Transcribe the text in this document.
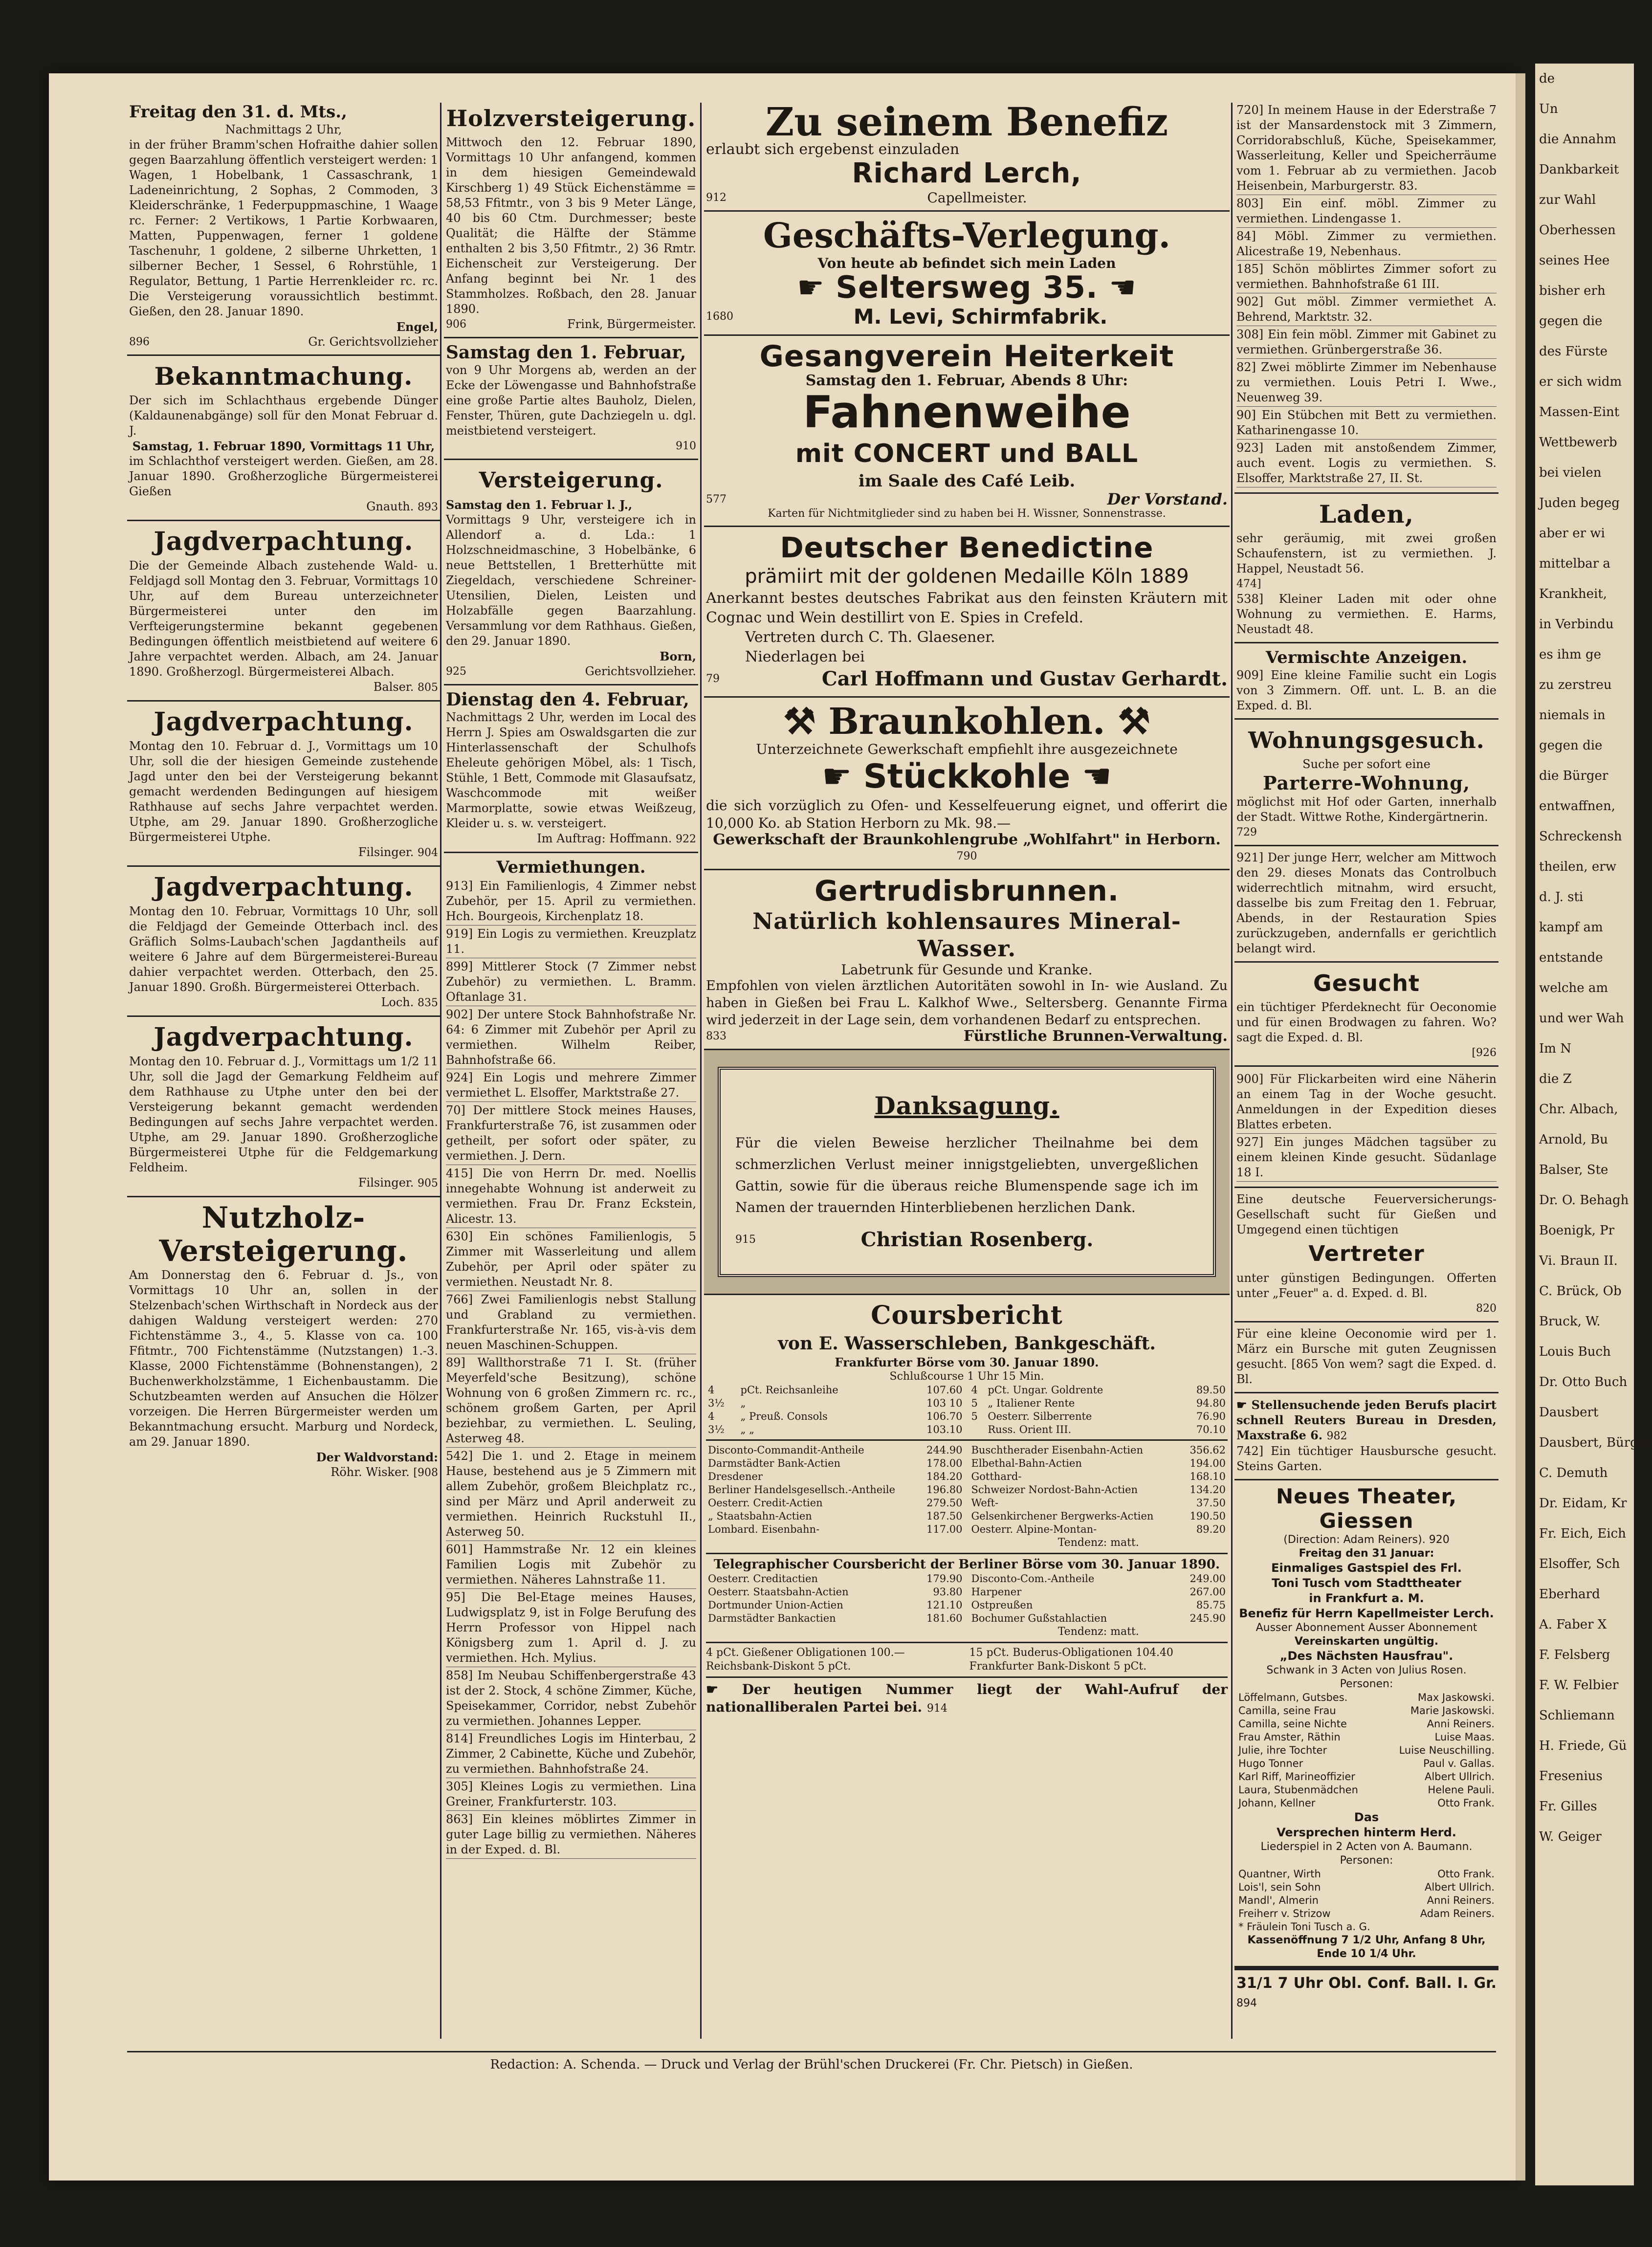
de
Un
die Annahm
Dankbarkeit
zur Wahl
Oberhessen
seines Hee
bisher erh
gegen die
des Fürste
er sich widm
Massen-Eint
Wettbewerb
bei vielen
Juden begeg
aber er wi
mittelbar a
Krankheit,
in Verbindu
es ihm ge
zu zerstreu
niemals in
gegen die
die Bürger
entwaffnen,
Schreckensh
theilen, erw
d. J. sti
kampf am
entstande
welche am
und wer Wah
Im N
die Z
Chr. Albach,
Arnold, Bu
Balser, Ste
Dr. O. Behagh
Boenigk, Pr
Vi. Braun II.
C. Brück, Ob
Bruck, W.
Louis Buch
Dr. Otto Buch
Dausbert
Dausbert, Bürger
C. Demuth
Dr. Eidam, Kr
Fr. Eich, Eich
Elsoffer, Sch
Eberhard
A. Faber X
F. Felsberg
F. W. Felbier
Schliemann
H. Friede, Gü
Fresenius
Fr. Gilles
W. Geiger
Freitag den 31. d. Mts.,

Nachmittags 2 Uhr,

in der früher Bramm'schen Hofraithe dahier sollen gegen Baarzahlung öffentlich versteigert werden: 1 Wagen, 1 Hobelbank, 1 Cassaschrank, 1 Ladeneinrichtung, 2 Sophas, 2 Commoden, 3 Kleiderschränke, 1 Federpuppmaschine, 1 Waage rc. Ferner: 2 Vertikows, 1 Partie Korbwaaren, Matten, Puppenwagen, ferner 1 goldene Taschenuhr, 1 goldene, 2 silberne Uhrketten, 1 silberner Becher, 1 Sessel, 6 Rohrstühle, 1 Regulator, Bettung, 1 Partie Herrenkleider rc. rc. Die Versteigerung voraussichtlich bestimmt. Gießen, den 28. Januar 1890.

Engel,

896	Gr. Gerichtsvollzieher

Bekanntmachung.

Der sich im Schlachthaus ergebende Dünger (Kaldaunenabgänge) soll für den Monat Februar d. J.

Samstag, 1. Februar 1890, Vormittags 11 Uhr,

im Schlachthof versteigert werden. Gießen, am 28. Januar 1890. Großherzogliche Bürgermeisterei Gießen

Gnauth. 893

Jagdverpachtung.

Die der Gemeinde Albach zustehende Wald- u. Feldjagd soll Montag den 3. Februar, Vormittags 10 Uhr, auf dem Bureau unterzeichneter Bürgermeisterei unter den im Verfteigerungstermine bekannt gegebenen Bedingungen öffentlich meistbietend auf weitere 6 Jahre verpachtet werden. Albach, am 24. Januar 1890. Großherzogl. Bürgermeisterei Albach.

Balser. 805

Jagdverpachtung.

Montag den 10. Februar d. J., Vormittags um 10 Uhr, soll die der hiesigen Gemeinde zustehende Jagd unter den bei der Versteigerung bekannt gemacht werdenden Bedingungen auf hiesigem Rathhause auf sechs Jahre verpachtet werden. Utphe, am 29. Januar 1890. Großherzogliche Bürgermeisterei Utphe.

Filsinger. 904

Jagdverpachtung.

Montag den 10. Februar, Vormittags 10 Uhr, soll die Feldjagd der Gemeinde Otterbach incl. des Gräflich Solms-Laubach'schen Jagdantheils auf weitere 6 Jahre auf dem Bürgermeisterei-Bureau dahier verpachtet werden. Otterbach, den 25. Januar 1890. Großh. Bürgermeisterei Otterbach.

Loch. 835

Jagdverpachtung.

Montag den 10. Februar d. J., Vormittags um 1/2 11 Uhr, soll die Jagd der Gemarkung Feldheim auf dem Rathhause zu Utphe unter den bei der Versteigerung bekannt gemacht werdenden Bedingungen auf sechs Jahre verpachtet werden. Utphe, am 29. Januar 1890. Großherzogliche Bürgermeisterei Utphe für die Feldgemarkung Feldheim.

Filsinger. 905

Nutzholz-
Versteigerung.

Am Donnerstag den 6. Februar d. Js., von Vormittags 10 Uhr an, sollen in der Stelzenbach'schen Wirthschaft in Nordeck aus der dahigen Waldung versteigert werden: 270 Fichtenstämme 3., 4., 5. Klasse von ca. 100 Ffitmtr., 700 Fichtenstämme (Nutzstangen) 1.-3. Klasse, 2000 Fichtenstämme (Bohnenstangen), 2 Buchenwerkholzstämme, 1 Eichenbaustamm. Die Schutzbeamten werden auf Ansuchen die Hölzer vorzeigen. Die Herren Bürgermeister werden um Bekanntmachung ersucht. Marburg und Nordeck, am 29. Januar 1890.

Der Waldvorstand:

Röhr. Wisker. [908

Holzversteigerung.

Mittwoch den 12. Februar 1890, Vormittags 10 Uhr anfangend, kommen in dem hiesigen Gemeindewald Kirschberg 1) 49 Stück Eichenstämme = 58,53 Ffitmtr., von 3 bis 9 Meter Länge, 40 bis 60 Ctm. Durchmesser; beste Qualität; die Hälfte der Stämme enthalten 2 bis 3,50 Ffitmtr., 2) 36 Rmtr. Eichenscheit zur Versteigerung. Der Anfang beginnt bei Nr. 1 des Stammholzes. Roßbach, den 28. Januar 1890.

906	Frink, Bürgermeister.

Samstag den 1. Februar,

von 9 Uhr Morgens ab, werden an der Ecke der Löwengasse und Bahnhofstraße eine große Partie altes Bauholz, Dielen, Fenster, Thüren, gute Dachziegeln u. dgl. meistbietend versteigert.

910

Versteigerung.

Samstag den 1. Februar l. J.,

Vormittags 9 Uhr, versteigere ich in Allendorf a. d. Lda.: 1 Holzschneidmaschine, 3 Hobelbänke, 6 neue Bettstellen, 1 Bretterhütte mit Ziegeldach, verschiedene Schreiner-Utensilien, Dielen, Leisten und Holzabfälle gegen Baarzahlung. Versammlung vor dem Rathhaus. Gießen, den 29. Januar 1890.

Born,

925	Gerichtsvollzieher.

Dienstag den 4. Februar,

Nachmittags 2 Uhr, werden im Local des Herrn J. Spies am Oswaldsgarten die zur Hinterlassenschaft der Schulhofs Eheleute gehörigen Möbel, als: 1 Tisch, Stühle, 1 Bett, Commode mit Glasaufsatz, Waschcommode mit weißer Marmorplatte, sowie etwas Weißzeug, Kleider u. s. w. versteigert.

Im Auftrag: Hoffmann. 922

Vermiethungen.

913] Ein Familienlogis, 4 Zimmer nebst Zubehör, per 15. April zu vermiethen. Hch. Bourgeois, Kirchenplatz 18.

919] Ein Logis zu vermiethen. Kreuzplatz 11.

899] Mittlerer Stock (7 Zimmer nebst Zubehör) zu vermiethen. L. Bramm. Oftanlage 31.

902] Der untere Stock Bahnhofstraße Nr. 64: 6 Zimmer mit Zubehör per April zu vermiethen. Wilhelm Reiber, Bahnhofstraße 66.

924] Ein Logis und mehrere Zimmer vermiethet L. Elsoffer, Marktstraße 27.

70] Der mittlere Stock meines Hauses, Frankfurterstraße 76, ist zusammen oder getheilt, per sofort oder später, zu vermiethen. J. Dern.

415] Die von Herrn Dr. med. Noellis innegehabte Wohnung ist anderweit zu vermiethen. Frau Dr. Franz Eckstein, Alicestr. 13.

630] Ein schönes Familienlogis, 5 Zimmer mit Wasserleitung und allem Zubehör, per April oder später zu vermiethen. Neustadt Nr. 8.

766] Zwei Familienlogis nebst Stallung und Grabland zu vermiethen. Frankfurterstraße Nr. 165, vis-à-vis dem neuen Maschinen-Schuppen.

89] Wallthorstraße 71 I. St. (früher Meyerfeld'sche Besitzung), schöne Wohnung von 6 großen Zimmern rc. rc., schönem großem Garten, per April beziehbar, zu vermiethen. L. Seuling, Asterweg 48.

542] Die 1. und 2. Etage in meinem Hause, bestehend aus je 5 Zimmern mit allem Zubehör, großem Bleichplatz rc., sind per März und April anderweit zu vermiethen. Heinrich Ruckstuhl II., Asterweg 50.

601] Hammstraße Nr. 12 ein kleines Familien Logis mit Zubehör zu vermiethen. Näheres Lahnstraße 11.

95] Die Bel-Etage meines Hauses, Ludwigsplatz 9, ist in Folge Berufung des Herrn Professor von Hippel nach Königsberg zum 1. April d. J. zu vermiethen. Hch. Mylius.

858] Im Neubau Schiffenbergerstraße 43 ist der 2. Stock, 4 schöne Zimmer, Küche, Speisekammer, Corridor, nebst Zubehör zu vermiethen. Johannes Lepper.

814] Freundliches Logis im Hinterbau, 2 Zimmer, 2 Cabinette, Küche und Zubehör, zu vermiethen. Bahnhofstraße 24.

305] Kleines Logis zu vermiethen. Lina Greiner, Frankfurterstr. 103.

863] Ein kleines möblirtes Zimmer in guter Lage billig zu vermiethen. Näheres in der Exped. d. Bl.

Zu seinem Benefiz

erlaubt sich ergebenst einzuladen

Richard Lerch,

912	Capellmeister.

Geschäfts-Verlegung.

Von heute ab befindet sich mein Laden

☛ Seltersweg 35. ☚

1680	M. Levi, Schirmfabrik.

Gesangverein Heiterkeit

Samstag den 1. Februar, Abends 8 Uhr:

Fahnenweihe
mit CONCERT und BALL

im Saale des Café Leib.

577	Der Vorstand.

Karten für Nichtmitglieder sind zu haben bei H. Wissner, Sonnenstrasse.

Deutscher Benedictine
prämiirt mit der goldenen Medaille Köln 1889

Anerkannt bestes deutsches Fabrikat aus den feinsten Kräutern mit Cognac und Wein destillirt von E. Spies in Crefeld.

Vertreten durch C. Th. Glaesener.

Niederlagen bei

79	Carl Hoffmann und Gustav Gerhardt.

⚒ Braunkohlen. ⚒

Unterzeichnete Gewerkschaft empfiehlt ihre ausgezeichnete

☛ Stückkohle ☚

die sich vorzüglich zu Ofen- und Kesselfeuerung eignet, und offerirt die 10,000 Ko. ab Station Herborn zu Mk. 98.—

Gewerkschaft der Braunkohlengrube „Wohlfahrt" in Herborn. 790

Gertrudisbrunnen.
Natürlich kohlensaures Mineral-Wasser.

Labetrunk für Gesunde und Kranke.

Empfohlen von vielen ärztlichen Autoritäten sowohl in In- wie Ausland. Zu haben in Gießen bei Frau L. Kalkhof Wwe., Seltersberg. Genannte Firma wird jederzeit in der Lage sein, dem vorhandenen Bedarf zu entsprechen.

833	Fürstliche Brunnen-Verwaltung.

Danksagung.

Für die vielen Beweise herzlicher Theilnahme bei dem schmerzlichen Verlust meiner innigstgeliebten, unvergeßlichen Gattin, sowie für die überaus reiche Blumenspende sage ich im Namen der trauernden Hinterbliebenen herzlichen Dank.

915	Christian Rosenberg.

Coursbericht
von E. Wasserschleben, Bankgeschäft.

Frankfurter Börse vom 30. Januar 1890.

Schlußcourse 1 Uhr 15 Min.

4	pCt. Reichsanleihe	107.60
3½	„	103 10
4	„ Preuß. Consols	106.70
3½	„ „	103.10
4	pCt. Ungar. Goldrente	89.50
5	„ Italiener Rente	94.80
5	Oesterr. Silberrente	76.90
	Russ. Orient III.	70.10
Disconto-Commandit-Antheile	244.90
Darmstädter Bank-Actien	178.00
Dresdener	184.20
Berliner Handelsgesellsch.-Antheile	196.80
Oesterr. Credit-Actien	279.50
„ Staatsbahn-Actien	187.50
Lombard. Eisenbahn-	117.00
Buschtherader Eisenbahn-Actien	356.62
Elbethal-Bahn-Actien	194.00
Gotthard-	168.10
Schweizer Nordost-Bahn-Actien	134.20
Weft-	37.50
Gelsenkirchener Bergwerks-Actien	190.50
Oesterr. Alpine-Montan-	89.20

Tendenz: matt.

Telegraphischer Coursbericht der Berliner Börse vom 30. Januar 1890.

Oesterr. Creditactien	179.90
Oesterr. Staatsbahn-Actien	93.80
Dortmunder Union-Actien	121.10
Darmstädter Bankactien	181.60
Disconto-Com.-Antheile	249.00
Harpener	267.00
Ostpreußen	85.75
Bochumer Gußstahlactien	245.90

Tendenz: matt.

4 pCt. Gießener Obligationen 100.—	15 pCt. Buderus-Obligationen 104.40
Reichsbank-Diskont 5 pCt.	Frankfurter Bank-Diskont 5 pCt.

☛ Der heutigen Nummer liegt der Wahl-Aufruf der nationalliberalen Partei bei. 914

720] In meinem Hause in der Ederstraße 7 ist der Mansardenstock mit 3 Zimmern, Corridorabschluß, Küche, Speisekammer, Wasserleitung, Keller und Speicherräume vom 1. Februar ab zu vermiethen. Jacob Heisenbein, Marburgerstr. 83.

803] Ein einf. möbl. Zimmer zu vermiethen. Lindengasse 1.

84] Möbl. Zimmer zu vermiethen. Alicestraße 19, Nebenhaus.

185] Schön möblirtes Zimmer sofort zu vermiethen. Bahnhofstraße 61 III.

902] Gut möbl. Zimmer vermiethet A. Behrend, Marktstr. 32.

308] Ein fein möbl. Zimmer mit Gabinet zu vermiethen. Grünbergerstraße 36.

82] Zwei möblirte Zimmer im Nebenhause zu vermiethen. Louis Petri I. Wwe., Neuenweg 39.

90] Ein Stübchen mit Bett zu vermiethen. Katharinengasse 10.

923] Laden mit anstoßendem Zimmer, auch event. Logis zu vermiethen. S. Elsoffer, Marktstraße 27, II. St.

Laden,

sehr geräumig, mit zwei großen Schaufenstern, ist zu vermiethen. J. Happel, Neustadt 56.

474]

538] Kleiner Laden mit oder ohne Wohnung zu vermiethen. E. Harms, Neustadt 48.

Vermischte Anzeigen.

909] Eine kleine Familie sucht ein Logis von 3 Zimmern. Off. unt. L. B. an die Exped. d. Bl.

Wohnungsgesuch.

Suche per sofort eine

Parterre-Wohnung,

möglichst mit Hof oder Garten, innerhalb der Stadt. Wittwe Rothe, Kindergärtnerin.

729

921] Der junge Herr, welcher am Mittwoch den 29. dieses Monats das Controlbuch widerrechtlich mitnahm, wird ersucht, dasselbe bis zum Freitag den 1. Februar, Abends, in der Restauration Spies zurückzugeben, andernfalls er gerichtlich belangt wird.

Gesucht

ein tüchtiger Pferdeknecht für Oeconomie und für einen Brodwagen zu fahren. Wo? sagt die Exped. d. Bl.

[926

900] Für Flickarbeiten wird eine Näherin an einem Tag in der Woche gesucht. Anmeldungen in der Expedition dieses Blattes erbeten.

927] Ein junges Mädchen tagsüber zu einem kleinen Kinde gesucht. Südanlage 18 I.

Eine deutsche Feuerversicherungs-Gesellschaft sucht für Gießen und Umgegend einen tüchtigen

Vertreter

unter günstigen Bedingungen. Offerten unter „Feuer" a. d. Exped. d. Bl.

820

Für eine kleine Oeconomie wird per 1. März ein Bursche mit guten Zeugnissen gesucht. [865 Von wem? sagt die Exped. d. Bl.

☛ Stellensuchende jeden Berufs placirt schnell Reuters Bureau in Dresden, Maxstraße 6. 982

742] Ein tüchtiger Hausbursche gesucht. Steins Garten.

Neues Theater, Giessen

(Direction: Adam Reiners). 920

Freitag den 31 Januar:

Einmaliges Gastspiel des Frl.

Toni Tusch vom Stadttheater

in Frankfurt a. M.

Benefiz für Herrn Kapellmeister Lerch.

Ausser Abonnement Ausser Abonnement

Vereinskarten ungültig.

„Des Nächsten Hausfrau".

Schwank in 3 Acten von Julius Rosen.

Personen:

Löffelmann, Gutsbes.	Max Jaskowski.
Camilla, seine Frau	Marie Jaskowski.
Camilla, seine Nichte	Anni Reiners.
Frau Amster, Räthin	Luise Maas.
Julie, ihre Tochter	Luise Neuschilling.
Hugo Tonner	Paul v. Gallas.
Karl Riff, Marineoffizier	Albert Ullrich.
Laura, Stubenmädchen	Helene Pauli.
Johann, Kellner	Otto Frank.

Das

Versprechen hinterm Herd.

Liederspiel in 2 Acten von A. Baumann.

Personen:

Quantner, Wirth	Otto Frank.
Lois'l, sein Sohn	Albert Ullrich.
Mandl', Almerin	Anni Reiners.
Freiherr v. Strizow	Adam Reiners.
* Fräulein Toni Tusch a. G.	

Kassenöffnung 7 1/2 Uhr, Anfang 8 Uhr, Ende 10 1/4 Uhr.

31/1 7 Uhr Obl. Conf. Ball. I. Gr. 894

Redaction: A. Schenda. — Druck und Verlag der Brühl'schen Druckerei (Fr. Chr. Pietsch) in Gießen.
